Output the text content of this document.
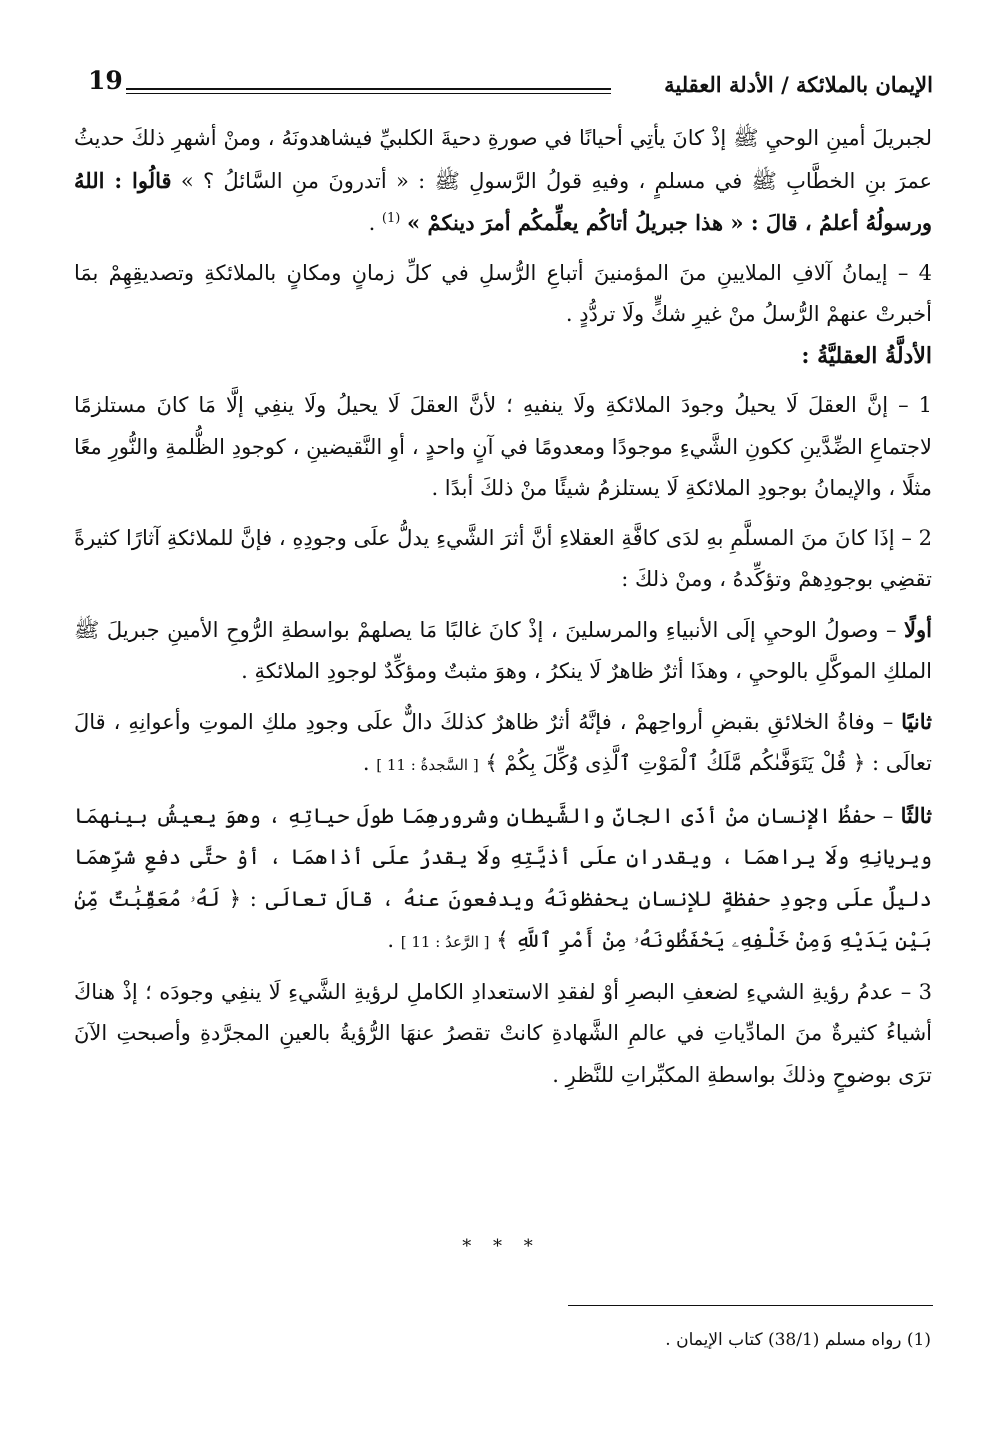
19	الإيمان بالملائكة / الأدلة العقلية

لجبريلَ أمينِ الوحيِ ﷺ إذْ كانَ يأتِي أحيانًا في صورةِ دحيةَ الكلبيِّ فيشاهدونَهُ ، ومنْ أشهرِ ذلكَ حديثُ عمرَ بنِ الخطَّابِ ﷺ في مسلمٍ ، وفيهِ قولُ الرَّسولِ ﷺ : « أتدرونَ منِ السَّائلُ ؟ » قالُوا : اللهُ ورسولُهُ أعلمُ ، قالَ : « هذا جبريلُ أتاكُم يعلِّمكُم أمرَ دينكمْ » $^{(1)}$ .

4 – إيمانُ آلافِ الملايينِ منَ المؤمنينَ أتباعِ الرُّسلِ في كلِّ زمانٍ ومكانٍ بالملائكةِ وتصديقِهِمْ بمَا أخبرتْ عنهمْ الرُّسلُ منْ غيرِ شكٍّ ولَا تردُّدٍ .

الأدلَّةُ العقليَّةُ :

1 – إنَّ العقلَ لَا يحيلُ وجودَ الملائكةِ ولَا ينفيهِ ؛ لأنَّ العقلَ لَا يحيلُ ولَا ينفِي إلَّا مَا كانَ مستلزمًا لاجتماعِ الضِّدَّينِ ككونِ الشَّيءِ موجودًا ومعدومًا في آنٍ واحدٍ ، أوِ النَّقيضينِ ، كوجودِ الظُّلمةِ والنُّورِ معًا مثلًا ، والإيمانُ بوجودِ الملائكةِ لَا يستلزمُ شيئًا منْ ذلكَ أبدًا .

2 – إذَا كانَ منَ المسلَّمِ بهِ لدَى كافَّةِ العقلاءِ أنَّ أثرَ الشَّيءِ يدلُّ علَى وجودِهِ ، فإنَّ للملائكةِ آثارًا كثيرةً تقضِي بوجودِهمْ وتؤكِّدهُ ، ومنْ ذلكَ :

أولًا – وصولُ الوحيِ إلَى الأنبياءِ والمرسلينَ ، إذْ كانَ غالبًا مَا يصلهمْ بواسطةِ الرُّوحِ الأمينِ جبريلَ ﷺ الملكِ الموكَّلِ بالوحيِ ، وهذَا أثرٌ ظاهرٌ لَا ينكرُ ، وهوَ مثبتٌ ومؤكِّدٌ لوجودِ الملائكةِ .

ثانيًا – وفاةُ الخلائقِ بقبضِ أرواحِهمْ ، فإنَّهُ أثرٌ ظاهرٌ كذلكَ دالٌّ علَى وجودِ ملكِ الموتِ وأعوانِهِ ، قالَ تعالَى : ﴿ قُلْ يَتَوَفَّىٰكُم مَّلَكُ ٱلْمَوْتِ ٱلَّذِى وُكِّلَ بِكُمْ ﴾ [ السَّجدةُ : 11 ] .

ثالثًا – حفظُ الإنسانِ منْ أذَى الجانِّ والشَّيطانِ وشرورهِمَا طولَ حياتِهِ ، وهوَ يعيشُ بينهمَا ويريانِهِ ولَا يراهمَا ، ويقدرانِ علَى أذيَّتِهِ ولَا يقدرُ علَى أذاهمَا ، أوْ حتَّى دفعِ شرِّهمَا دليلٌ علَى وجودِ حفظةٍ للإنسانِ يحفظونَهُ ويدفعونَ عنهُ ، قالَ تعالَى : ﴿ لَهُۥ مُعَقِّبَٰتٌ مِّنۢ بَيْنِ يَدَيْهِ وَمِنْ خَلْفِهِۦ يَحْفَظُونَهُۥ مِنْ أَمْرِ ٱللَّهِ ﴾ [ الرَّعدُ : 11 ] .

3 – عدمُ رؤيةِ الشيءِ لضعفِ البصرِ أوْ لفقدِ الاستعدادِ الكاملِ لرؤيةِ الشَّيءِ لَا ينفِي وجودَه ؛ إذْ هناكَ أشياءُ كثيرةٌ منَ المادِّياتِ في عالمِ الشَّهادةِ كانتْ تقصرُ عنهَا الرُّؤيةُ بالعينِ المجرَّدةِ وأصبحتِ الآنَ ترَى بوضوحٍ وذلكَ بواسطةِ المكبِّراتِ للنَّظرِ .

* * *
(1) رواه مسلم (38/1) كتاب الإيمان .
